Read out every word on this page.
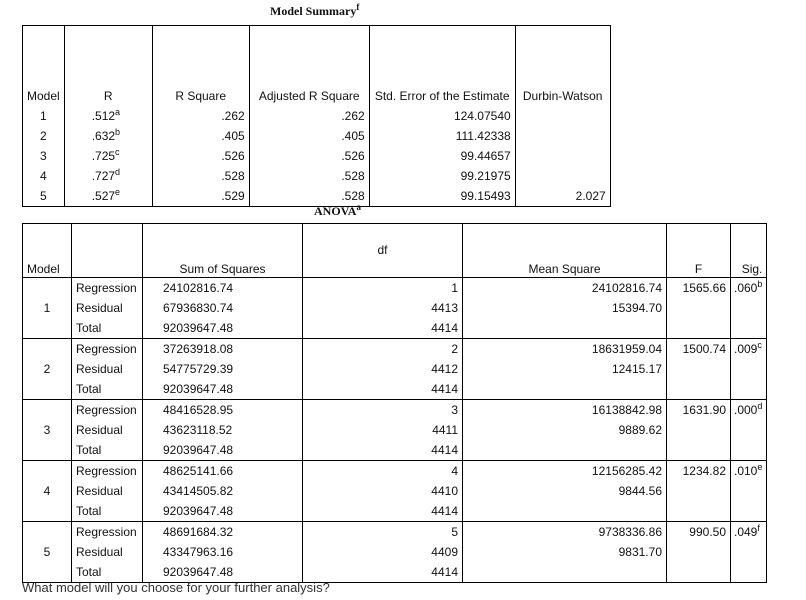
Model Summary$^f$
Model	R	R Square	Adjusted R Square	Std. Error of the Estimate	Durbin-Watson
1	.512$^a$	.262	.262	124.07540	
2	.632$^b$	.405	.405	111.42338	
3	.725$^c$	.526	.526	99.44657	
4	.727$^d$	.528	.528	99.21975	
5	.527e	.529	.528	99.15493	2.027
ANOVA$^a$
Model		Sum of Squares	df	Mean Square	F	Sig.
1	Regression	24102816.74	1	24102816.74	1565.66	.060$^b$
	Residual	67936830.74	4413	15394.70		
	Total	92039647.48	4414			
2	Regression	37263918.08	2	18631959.04	1500.74	.009$^c$
	Residual	54775729.39	4412	12415.17		
	Total	92039647.48	4414			
3	Regression	48416528.95	3	16138842.98	1631.90	.000$^d$
	Residual	43623118.52	4411	9889.62		
	Total	92039647.48	4414			
4	Regression	48625141.66	4	12156285.42	1234.82	.010e
	Residual	43414505.82	4410	9844.56		
	Total	92039647.48	4414			
5	Regression	48691684.32	5	9738336.86	990.50	.049$^f$
	Residual	43347963.16	4409	9831.70		
	Total	92039647.48	4414			
What model will you choose for your further analysis?
